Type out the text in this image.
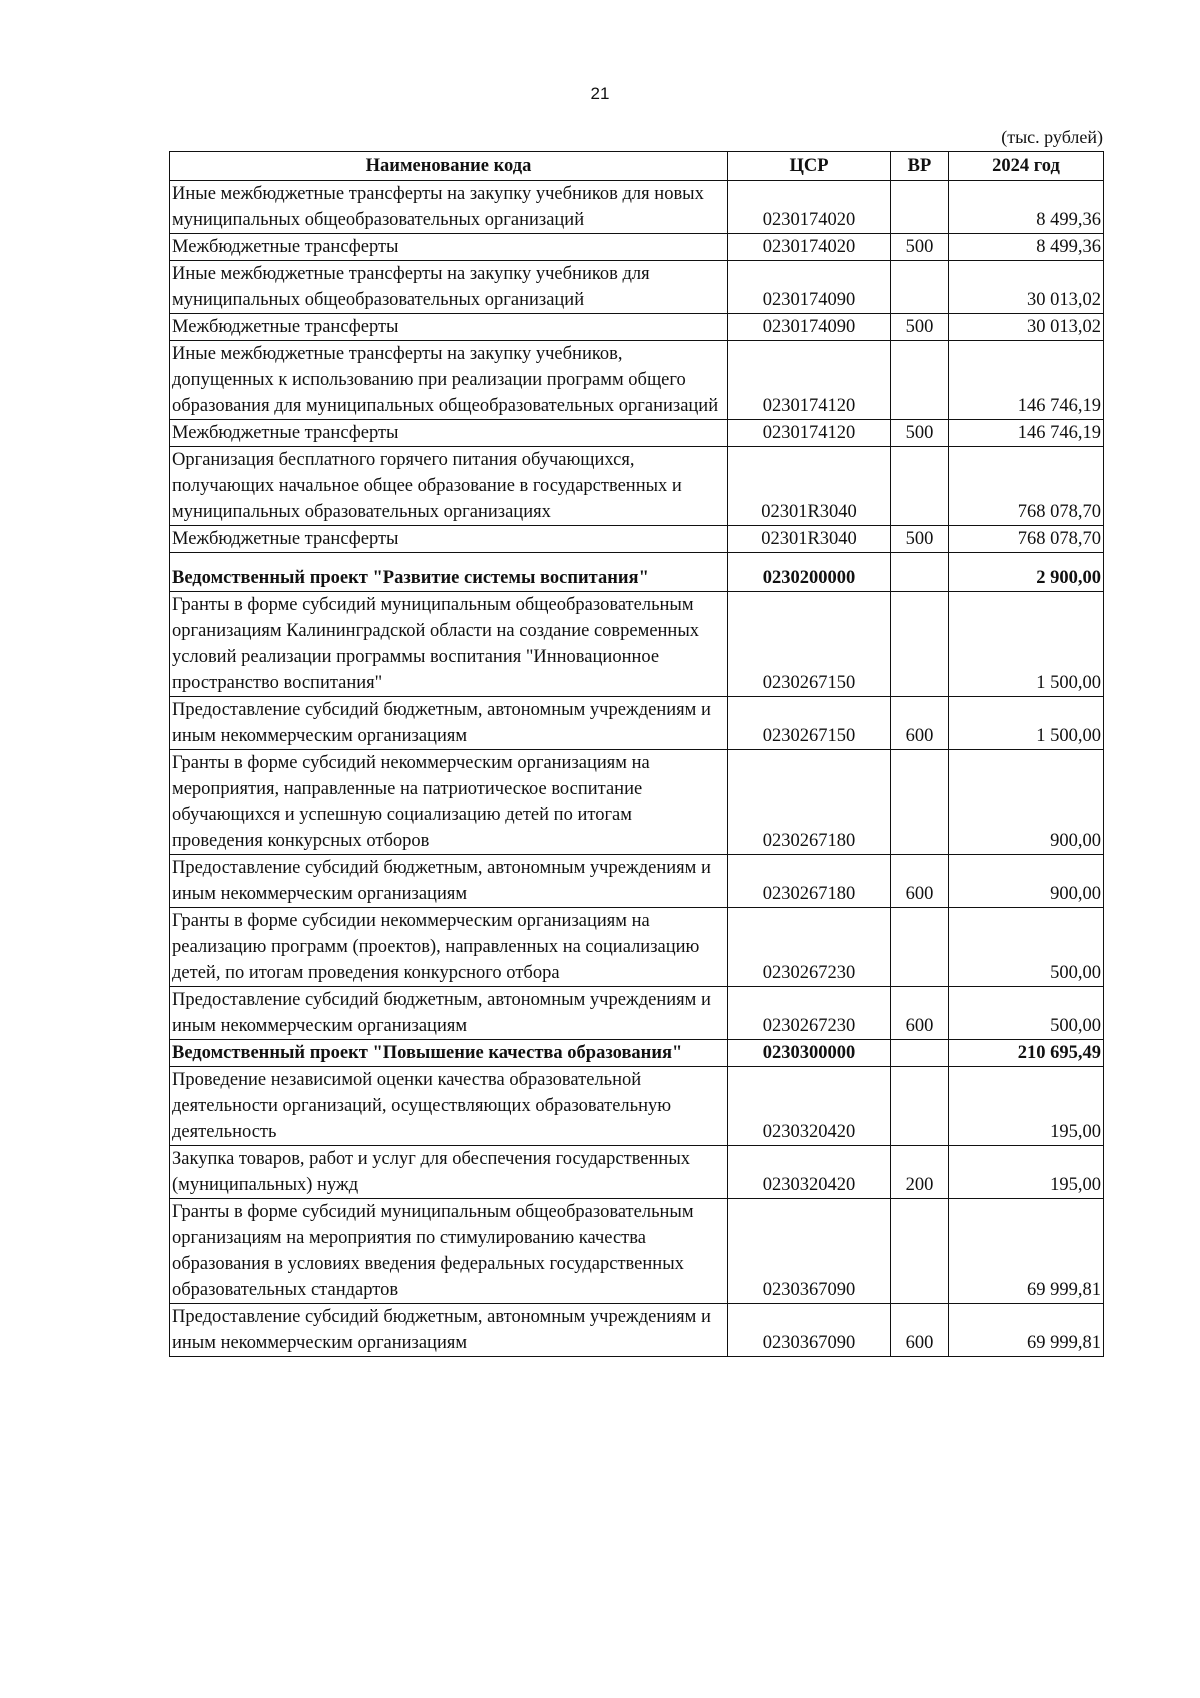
21
(тыс. рублей)
Наименование кода	ЦСР	ВР	2024 год
Иные межбюджетные трансферты на закупку учебников для новых муниципальных общеобразовательных организаций	0230174020		8 499,36
Межбюджетные трансферты	0230174020	500	8 499,36
Иные межбюджетные трансферты на закупку учебников для муниципальных общеобразовательных организаций	0230174090		30 013,02
Межбюджетные трансферты	0230174090	500	30 013,02
Иные межбюджетные трансферты на закупку учебников, допущенных к использованию при реализации программ общего образования для муниципальных общеобразовательных организаций	0230174120		146 746,19
Межбюджетные трансферты	0230174120	500	146 746,19
Организация бесплатного горячего питания обучающихся, получающих начальное общее образование в государственных и муниципальных образовательных организациях	02301R3040		768 078,70
Межбюджетные трансферты	02301R3040	500	768 078,70
Ведомственный проект "Развитие системы воспитания"	0230200000		2 900,00
Гранты в форме субсидий муниципальным общеобразовательным организациям Калининградской области на создание современных условий реализации программы воспитания "Инновационное пространство воспитания"	0230267150		1 500,00
Предоставление субсидий бюджетным, автономным учреждениям и иным некоммерческим организациям	0230267150	600	1 500,00
Гранты в форме субсидий некоммерческим организациям на мероприятия, направленные на патриотическое воспитание обучающихся и успешную социализацию детей по итогам проведения конкурсных отборов	0230267180		900,00
Предоставление субсидий бюджетным, автономным учреждениям и иным некоммерческим организациям	0230267180	600	900,00
Гранты в форме субсидии некоммерческим организациям на реализацию программ (проектов), направленных на социализацию детей, по итогам проведения конкурсного отбора	0230267230		500,00
Предоставление субсидий бюджетным, автономным учреждениям и иным некоммерческим организациям	0230267230	600	500,00
Ведомственный проект "Повышение качества образования"	0230300000		210 695,49
Проведение независимой оценки качества образовательной деятельности организаций, осуществляющих образовательную деятельность	0230320420		195,00
Закупка товаров, работ и услуг для обеспечения государственных (муниципальных) нужд	0230320420	200	195,00
Гранты в форме субсидий муниципальным общеобразовательным организациям на мероприятия по стимулированию качества образования в условиях введения федеральных государственных образовательных стандартов	0230367090		69 999,81
Предоставление субсидий бюджетным, автономным учреждениям и иным некоммерческим организациям	0230367090	600	69 999,81
